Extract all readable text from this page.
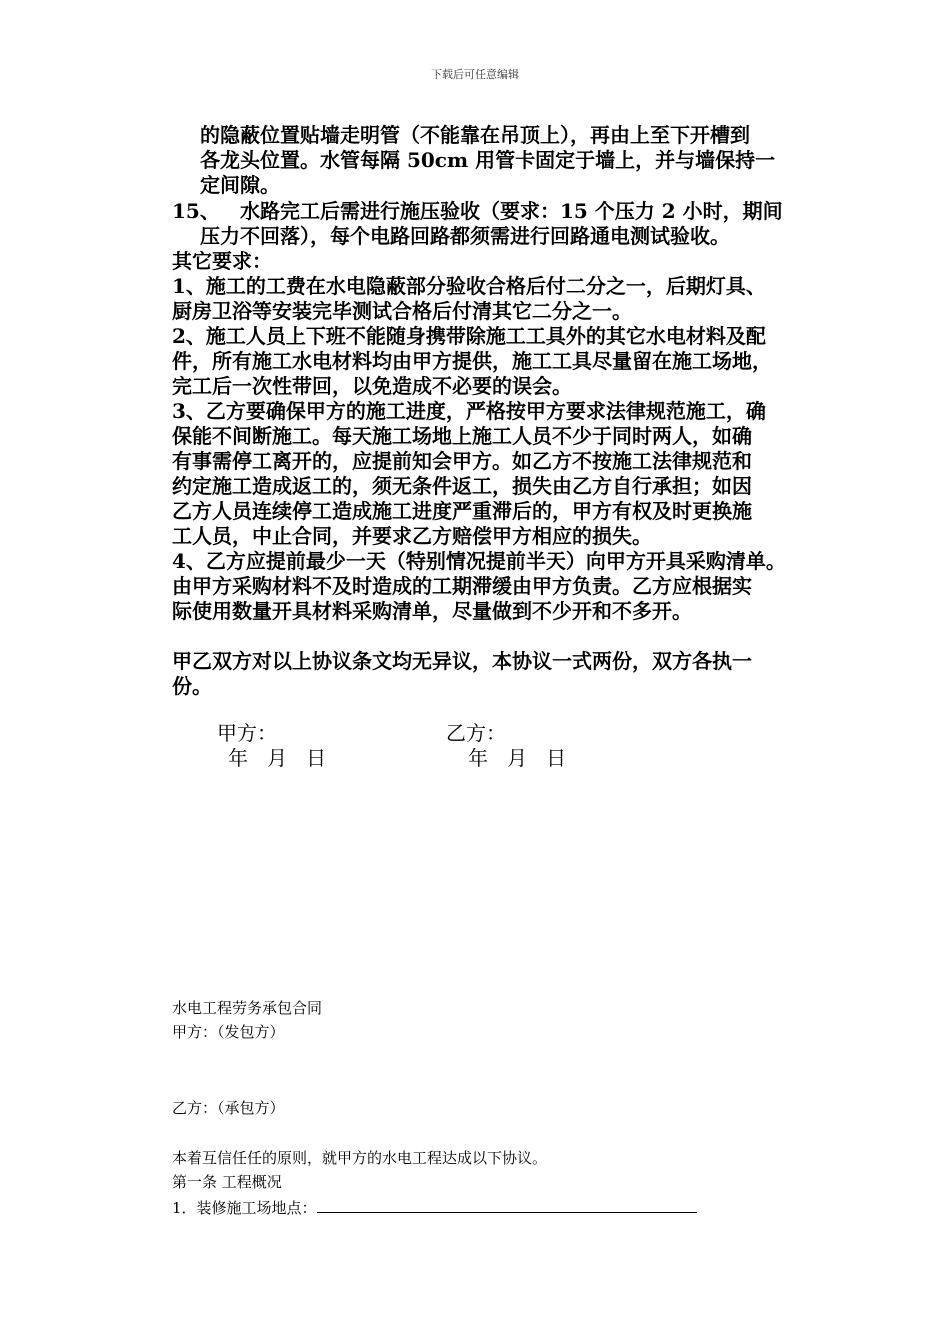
下载后可任意编辑
的隐蔽位置贴墙走明管（不能靠在吊顶上），再由上至下开槽到
各龙头位置。水管每隔 50cm 用管卡固定于墙上，并与墙保持一
定间隙。
15、 水路完工后需进行施压验收（要求：15 个压力 2 小时，期间
压力不回落），每个电路回路都须需进行回路通电测试验收。
其它要求：
1、施工的工费在水电隐蔽部分验收合格后付二分之一，后期灯具、
厨房卫浴等安装完毕测试合格后付清其它二分之一。
2、施工人员上下班不能随身携带除施工工具外的其它水电材料及配
件，所有施工水电材料均由甲方提供，施工工具尽量留在施工场地，
完工后一次性带回，以免造成不必要的误会。
3、乙方要确保甲方的施工进度，严格按甲方要求法律规范施工，确
保能不间断施工。每天施工场地上施工人员不少于同时两人，如确
有事需停工离开的，应提前知会甲方。如乙方不按施工法律规范和
约定施工造成返工的，须无条件返工，损失由乙方自行承担；如因
乙方人员连续停工造成施工进度严重滞后的，甲方有权及时更换施
工人员，中止合同，并要求乙方赔偿甲方相应的损失。
4、乙方应提前最少一天（特别情况提前半天）向甲方开具采购清单。
由甲方采购材料不及时造成的工期滞缓由甲方负责。乙方应根据实
际使用数量开具材料采购清单，尽量做到不少开和不多开。
甲乙双方对以上协议条文均无异议，本协议一式两份，双方各执一
份。
甲方：	乙方：
年   月   日	年   月   日
水电工程劳务承包合同
甲方：（发包方）
乙方：（承包方）
本着互信任任的原则，就甲方的水电工程达成以下协议。
第一条 工程概况
1．装修施工场地点：
